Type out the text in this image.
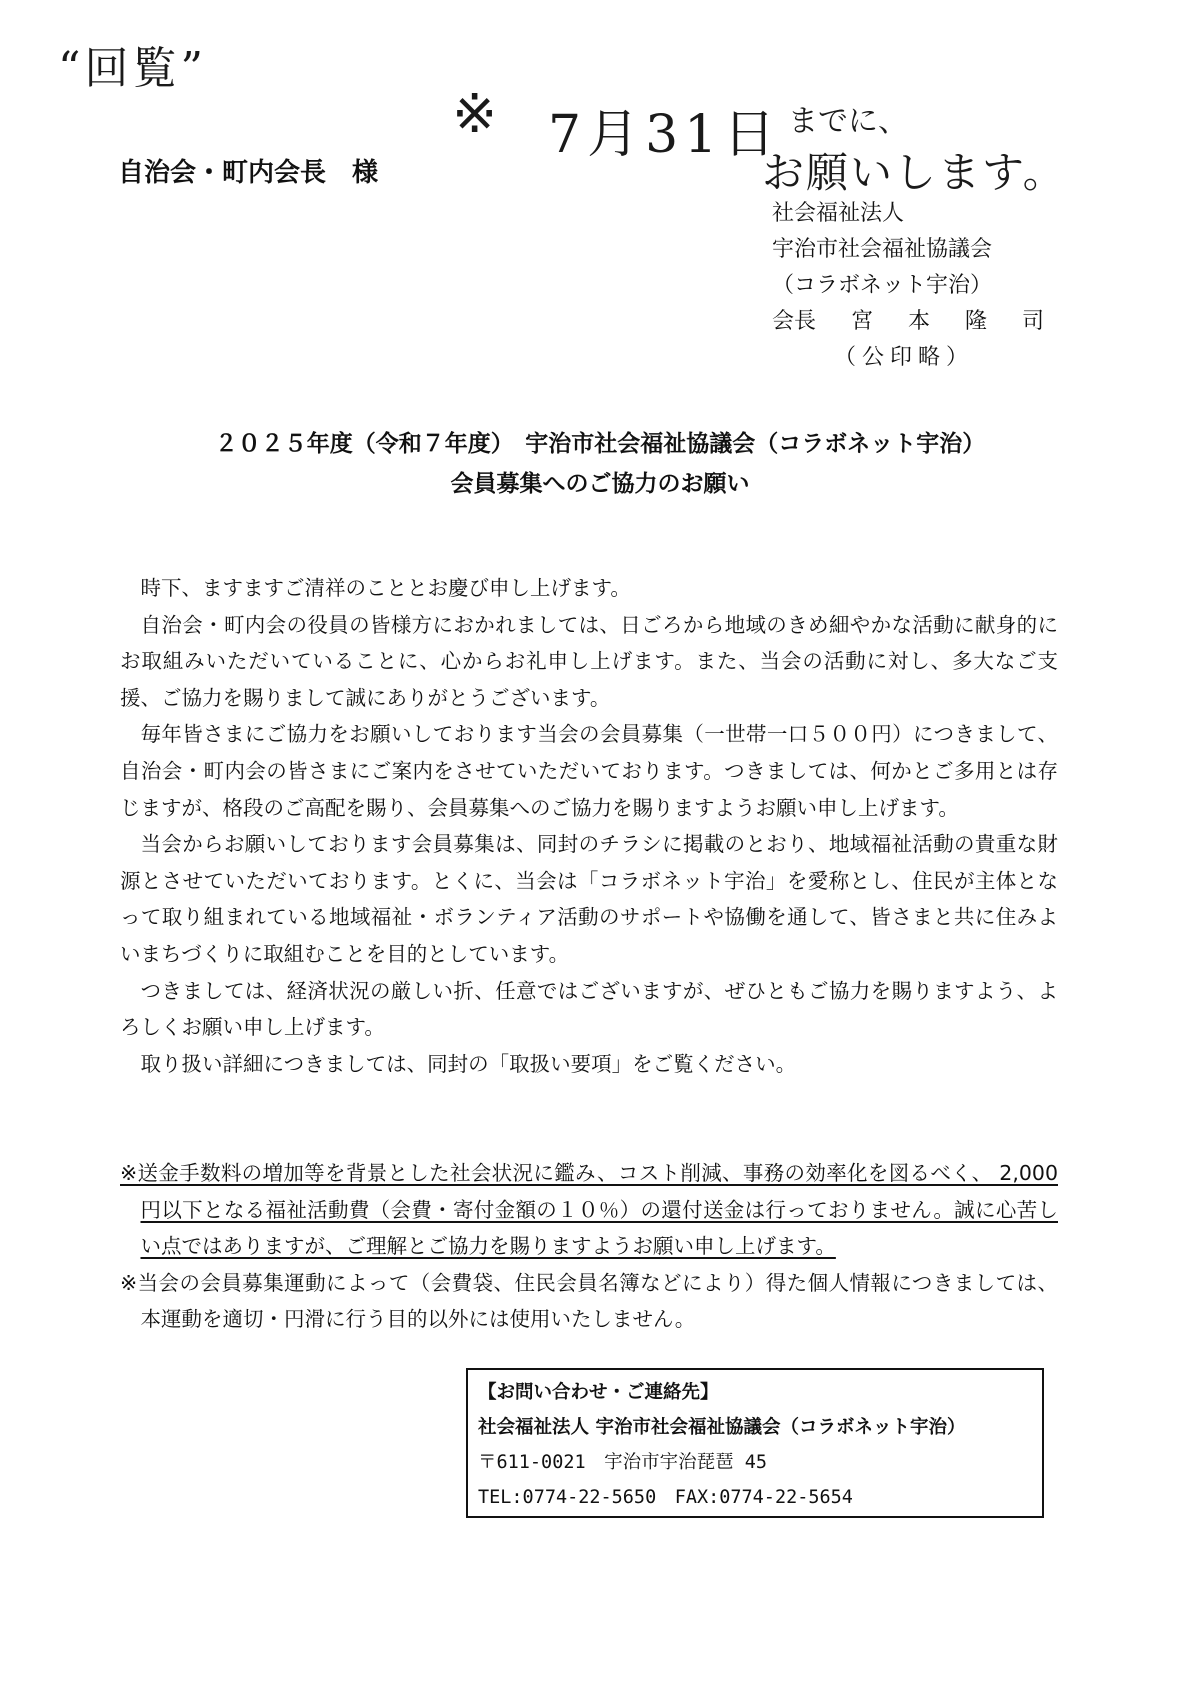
“回覧”
※ 7月31日 までに、
お願いします。
自治会・町内会長　様
社会福祉法人
宇治市社会福祉協議会
（コラボネット宇治）
会長 宮 本 隆 司
（公印略）
２０２５年度（令和７年度）　宇治市社会福祉協議会（コラボネット宇治）
会員募集へのご協力のお願い

時下、ますますご清祥のこととお慶び申し上げます。

自治会・町内会の役員の皆様方におかれましては、日ごろから地域のきめ細やかな活動に献身的にお取組みいただいていることに、心からお礼申し上げます。また、当会の活動に対し、多大なご支援、ご協力を賜りまして誠にありがとうございます。

毎年皆さまにご協力をお願いしております当会の会員募集（一世帯一口５００円）につきまして、自治会・町内会の皆さまにご案内をさせていただいております。つきましては、何かとご多用とは存じますが、格段のご高配を賜り、会員募集へのご協力を賜りますようお願い申し上げます。

当会からお願いしております会員募集は、同封のチラシに掲載のとおり、地域福祉活動の貴重な財源とさせていただいております。とくに、当会は「コラボネット宇治」を愛称とし、住民が主体となって取り組まれている地域福祉・ボランティア活動のサポートや協働を通して、皆さまと共に住みよいまちづくりに取組むことを目的としています。

つきましては、経済状況の厳しい折、任意ではございますが、ぜひともご協力を賜りますよう、よろしくお願い申し上げます。

取り扱い詳細につきましては、同封の「取扱い要項」をご覧ください。

※送金手数料の増加等を背景とした社会状況に鑑み、コスト削減、事務の効率化を図るべく、 2,000 円以下となる福祉活動費（会費・寄付金額の１０％）の還付送金は行っておりません。誠に心苦しい点ではありますが、ご理解とご協力を賜りますようお願い申し上げます。

※当会の会員募集運動によって（会費袋、住民会員名簿などにより）得た個人情報につきましては、本運動を適切・円滑に行う目的以外には使用いたしません。

【お問い合わせ・ご連絡先】
社会福祉法人 宇治市社会福祉協議会（コラボネット宇治）
〒611-0021　宇治市宇治琵琶 45
TEL:0774-22-5650　FAX:0774-22-5654
